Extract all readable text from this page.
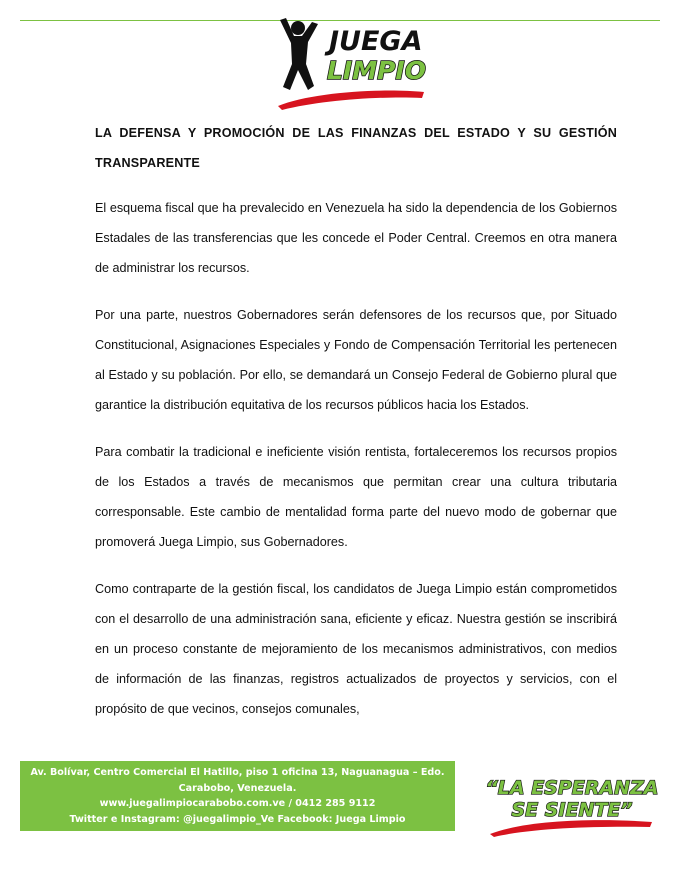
JUEGA
LIMPIO
LA DEFENSA Y PROMOCIÓN DE LAS FINANZAS DEL ESTADO Y SU GESTIÓN TRANSPARENTE

El esquema fiscal que ha prevalecido en Venezuela ha sido la dependencia de los Gobiernos Estadales de las transferencias que les concede el Poder Central. Creemos en otra manera de administrar los recursos.

Por una parte, nuestros Gobernadores serán defensores de los recursos que, por Situado Constitucional, Asignaciones Especiales y Fondo de Compensación Territorial les pertenecen al Estado y su población. Por ello, se demandará un Consejo Federal de Gobierno plural que garantice la distribución equitativa de los recursos públicos hacia los Estados.

Para combatir la tradicional e ineficiente visión rentista, fortaleceremos los recursos propios de los Estados a través de mecanismos que permitan crear una cultura tributaria corresponsable. Este cambio de mentalidad forma parte del nuevo modo de gobernar que promoverá Juega Limpio, sus Gobernadores.

Como contraparte de la gestión fiscal, los candidatos de Juega Limpio están comprometidos con el desarrollo de una administración sana, eficiente y eficaz. Nuestra gestión se inscribirá en un proceso constante de mejoramiento de los mecanismos administrativos, con medios de información de las finanzas, registros actualizados de proyectos y servicios, con el propósito de que vecinos, consejos comunales,

Av. Bolívar, Centro Comercial El Hatillo, piso 1 oficina 13, Naguanagua – Edo.
Carabobo, Venezuela.
www.juegalimpiocarabobo.com.ve / 0412 285 9112
Twitter e Instagram: @juegalimpio_Ve Facebook: Juega Limpio
“LA ESPERANZA
SE SIENTE”
